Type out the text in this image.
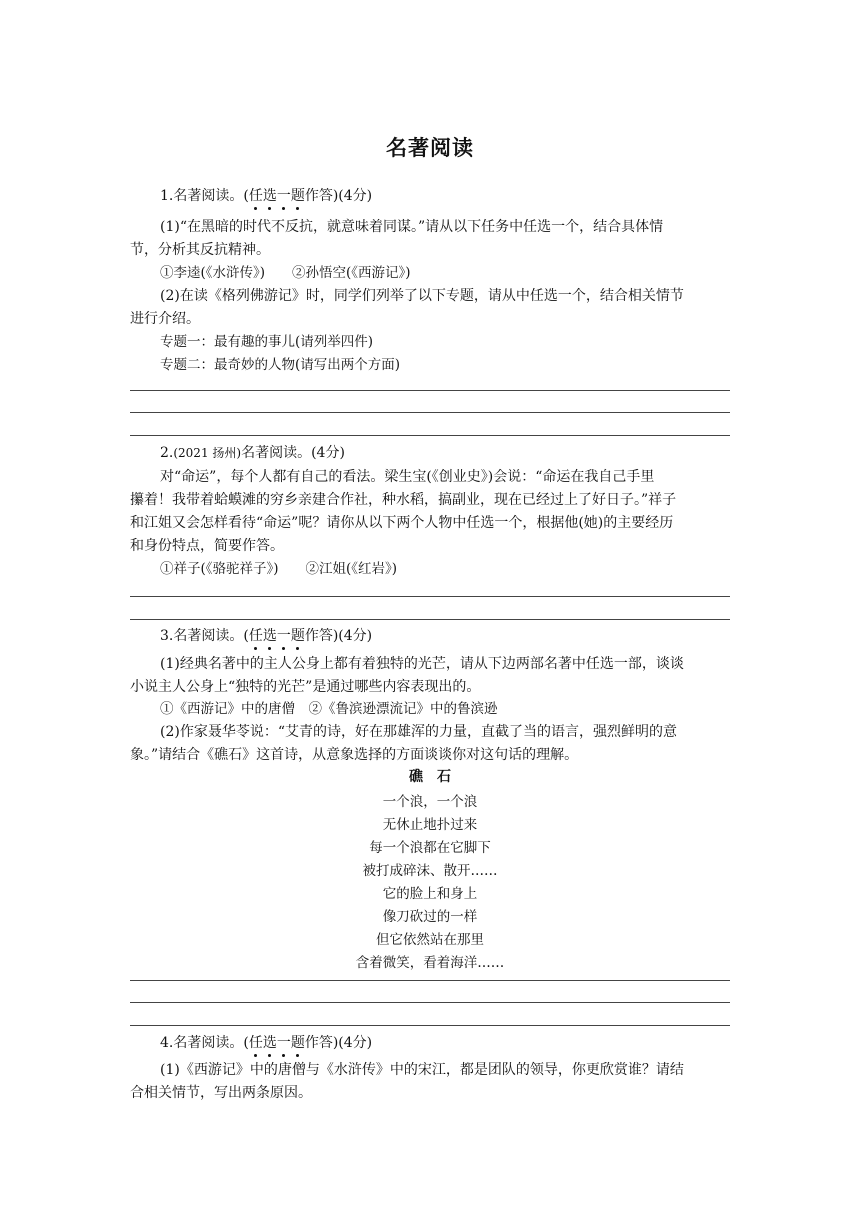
名著阅读
1.名著阅读。(任选一题作答)(4分)
(1)“在黑暗的时代不反抗，就意味着同谋。”请从以下任务中任选一个，结合具体情
节，分析其反抗精神。
①李逵(《水浒传》)　　②孙悟空(《西游记》)
(2)在读《格列佛游记》时，同学们列举了以下专题，请从中任选一个，结合相关情节
进行介绍。
专题一：最有趣的事儿(请列举四件)
专题二：最奇妙的人物(请写出两个方面)
2.(2021 扬州)名著阅读。(4分)
对“命运”，每个人都有自己的看法。梁生宝(《创业史》)会说：“命运在我自己手里
攥着！我带着蛤蟆滩的穷乡亲建合作社，种水稻，搞副业，现在已经过上了好日子。”祥子
和江姐又会怎样看待“命运”呢？请你从以下两个人物中任选一个，根据他(她)的主要经历
和身份特点，简要作答。
①祥子(《骆驼祥子》)　　②江姐(《红岩》)
3.名著阅读。(任选一题作答)(4分)
(1)经典名著中的主人公身上都有着独特的光芒，请从下边两部名著中任选一部，谈谈
小说主人公身上“独特的光芒”是通过哪些内容表现出的。
①《西游记》中的唐僧　②《鲁滨逊漂流记》中的鲁滨逊
(2)作家聂华苓说：“艾青的诗，好在那雄浑的力量，直截了当的语言，强烈鲜明的意
象。”请结合《礁石》这首诗，从意象选择的方面谈谈你对这句话的理解。
礁　石
一个浪，一个浪
无休止地扑过来
每一个浪都在它脚下
被打成碎沫、散开……
它的脸上和身上
像刀砍过的一样
但它依然站在那里
含着微笑，看着海洋……
4.名著阅读。(任选一题作答)(4分)
(1)《西游记》中的唐僧与《水浒传》中的宋江，都是团队的领导，你更欣赏谁？请结
合相关情节，写出两条原因。
